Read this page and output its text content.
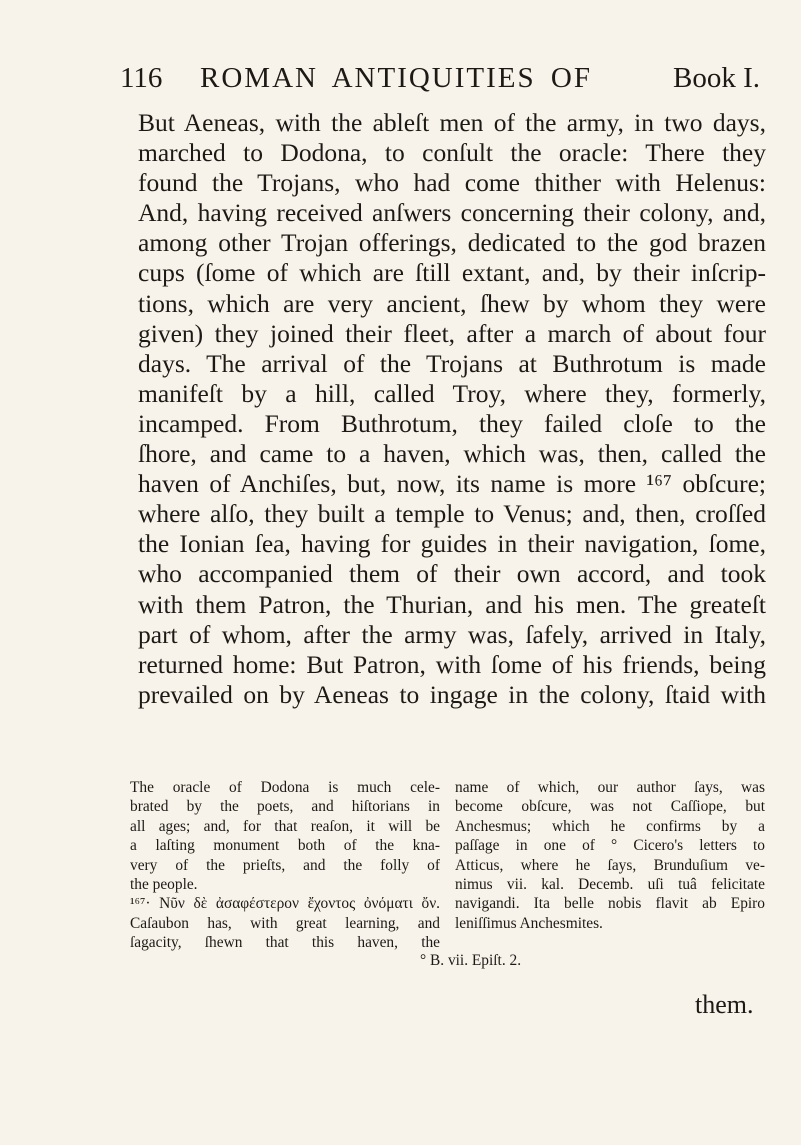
116 ROMAN ANTIQUITIES OF	Book I.
But Aeneas, with the ableſt men of the army, in two days,
marched to Dodona, to conſult the oracle: There they
found the Trojans, who had come thither with Helenus:
And, having received anſwers concerning their colony, and,
among other Trojan offerings, dedicated to the god brazen
cups (ſome of which are ſtill extant, and, by their inſcrip-
tions, which are very ancient, ſhew by whom they were
given) they joined their fleet, after a march of about four
days. The arrival of the Trojans at Buthrotum is made
manifeſt by a hill, called Troy, where they, formerly,
incamped. From Buthrotum, they failed cloſe to the
ſhore, and came to a haven, which was, then, called the
haven of Anchiſes, but, now, its name is more ¹⁶⁷ obſcure;
where alſo, they built a temple to Venus; and, then, croſſed
the Ionian ſea, having for guides in their navigation, ſome,
who accompanied them of their own accord, and took
with them Patron, the Thurian, and his men. The greateſt
part of whom, after the army was, ſafely, arrived in Italy,
returned home: But Patron, with ſome of his friends, being
prevailed on by Aeneas to ingage in the colony, ſtaid with
The oracle of Dodona is much cele-
brated by the poets, and hiſtorians in
all ages; and, for that reaſon, it will be
a laſting monument both of the kna-
very of the prieſts, and the folly of
the people.
¹⁶⁷· Νῦν δὲ ἀσαφέστερον ἔχοντος ὀνόματι ὄν.
Caſaubon has, with great learning, and
ſagacity, ſhewn that this haven, the
name of which, our author ſays, was
become obſcure, was not Caſſiope, but
Anchesmus; which he confirms by a
paſſage in one of ° Cicero's letters to
Atticus, where he ſays, Brunduſium ve-
nimus vii. kal. Decemb. uſi tuâ felicitate
navigandi. Ita belle nobis flavit ab Epiro
leniſſimus Anchesmites.
° B. vii. Epiſt. 2.
them.
